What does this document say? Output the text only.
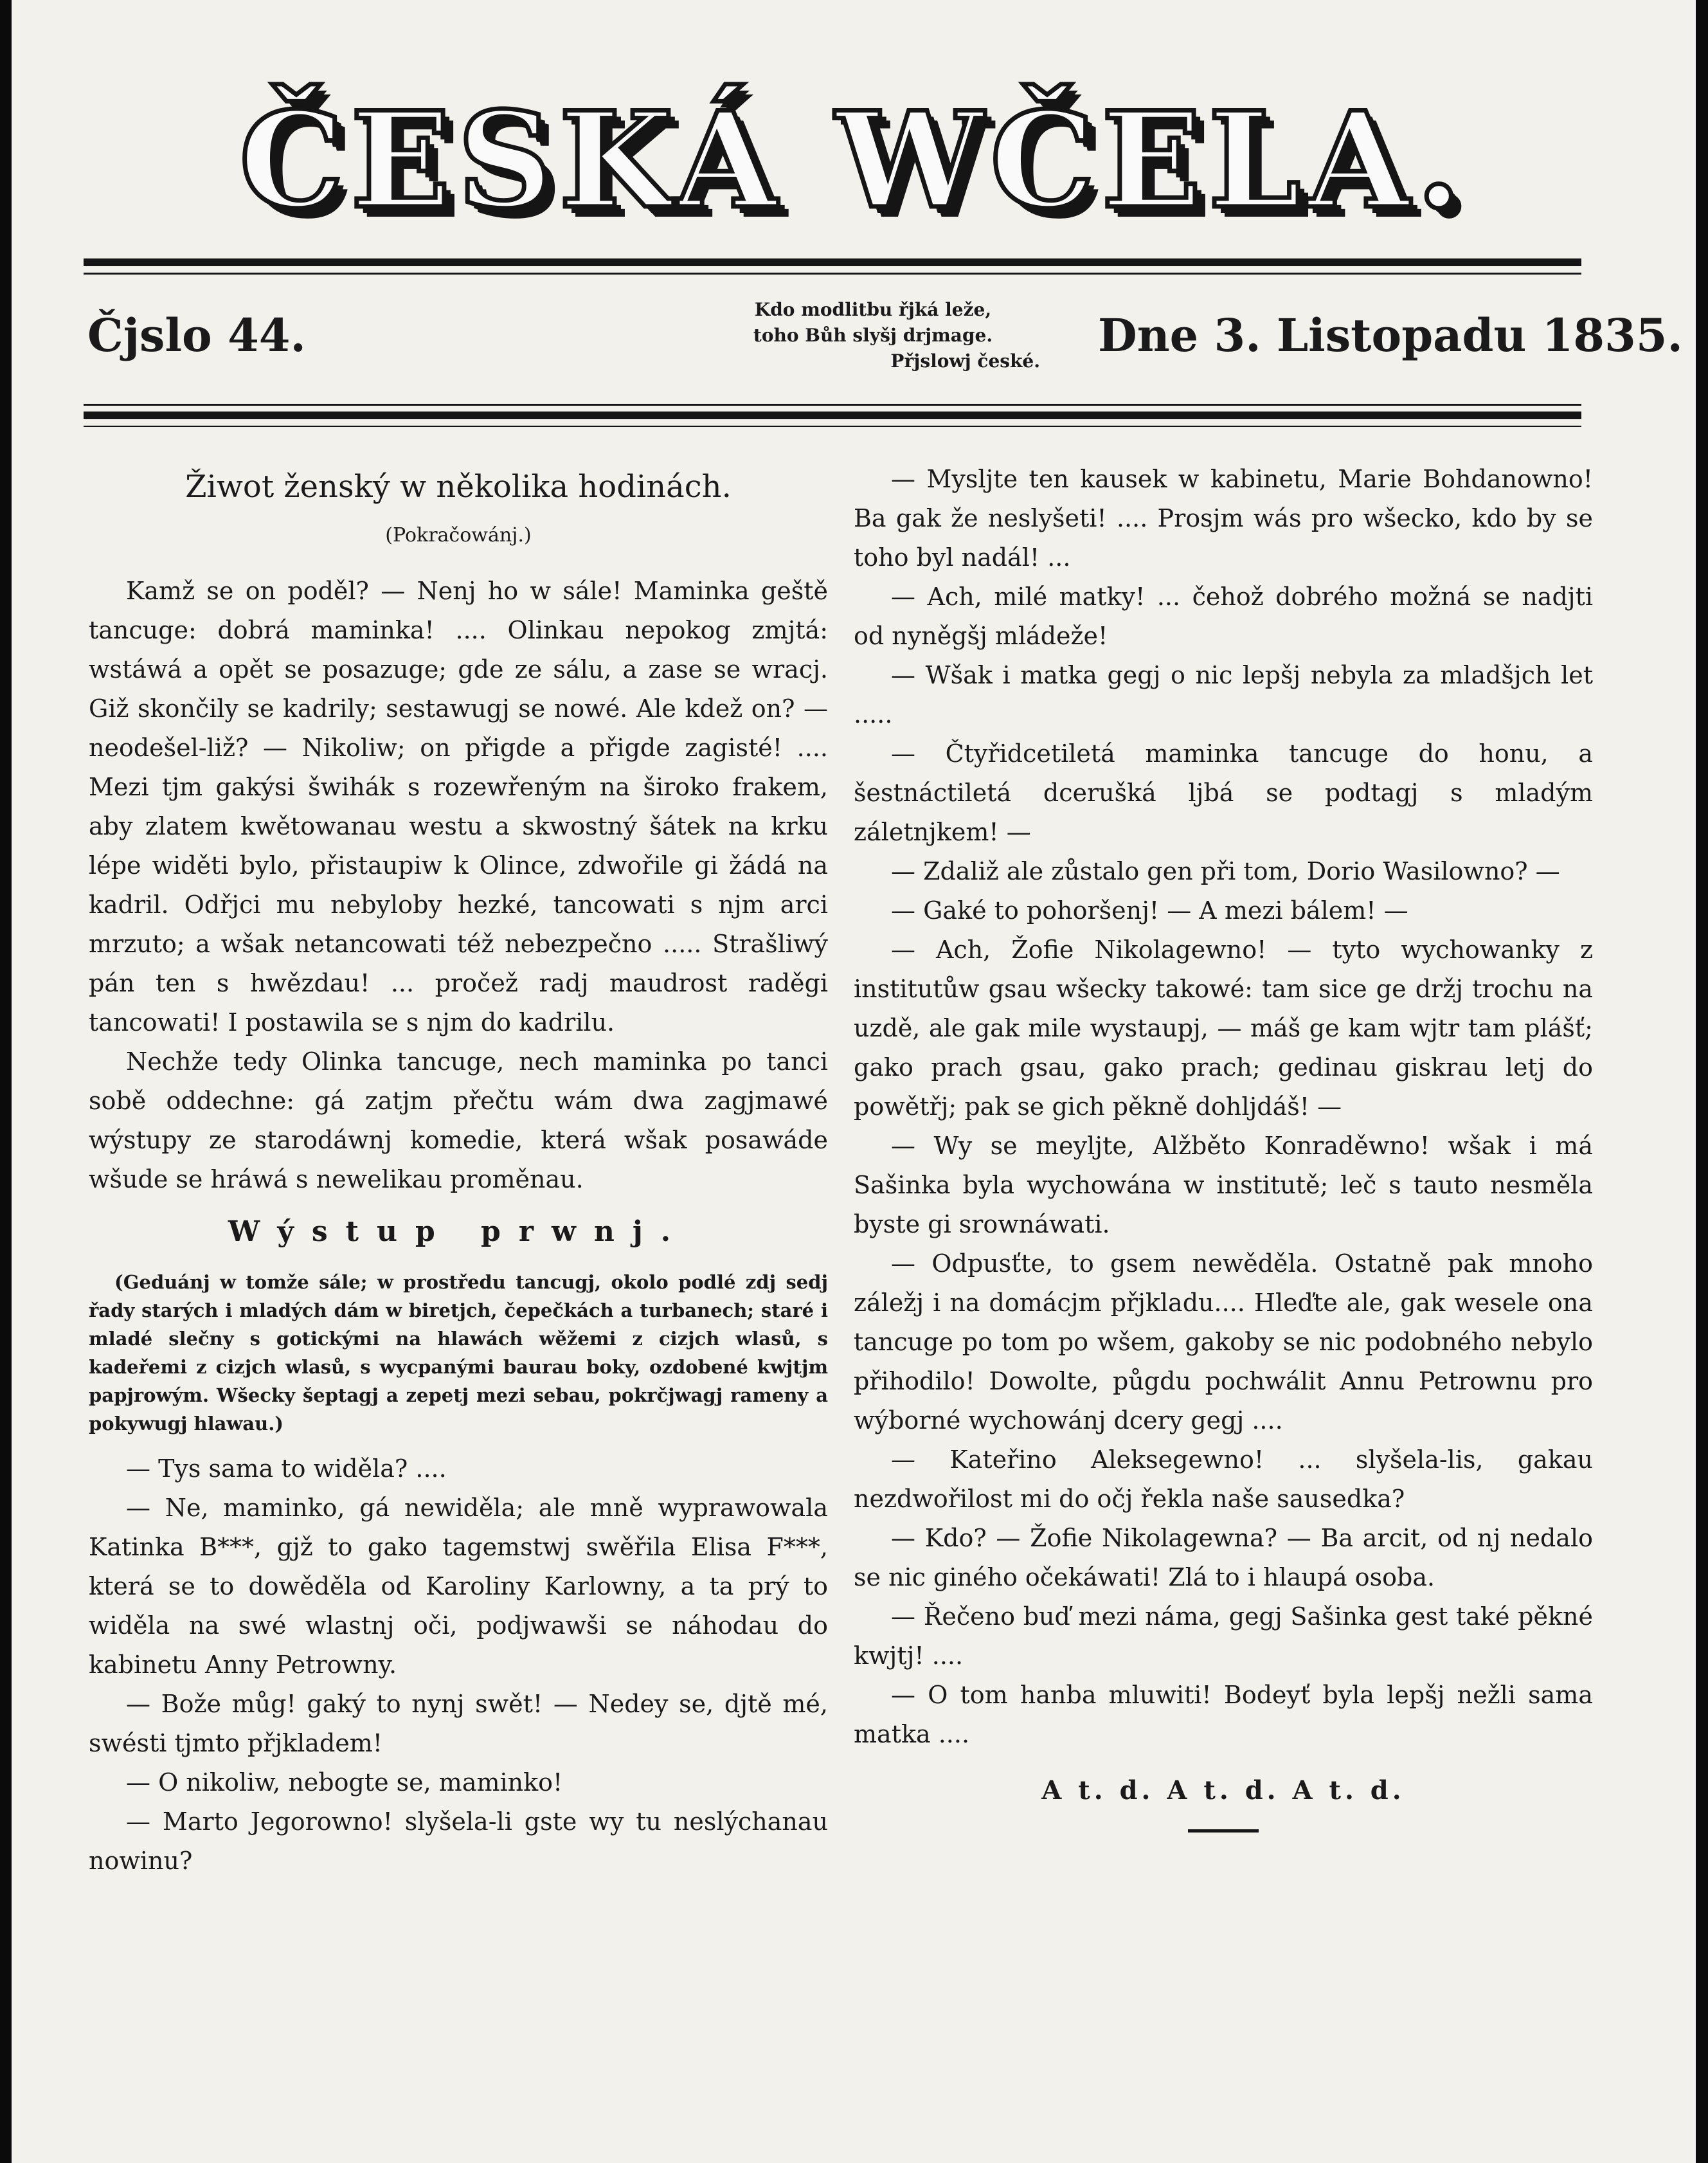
ČESKÁ WČELA.
Čjslo 44.	Kdo modlitbu řjká leže,
toho Bůh slyšj drjmage.
Přjslowj české. Dne 3. Listopadu 1835.
Žiwot ženský w několika hodinách.
(Pokračowánj.)

Kamž se on poděl? — Nenj ho w sále! Maminka geště tancuge: dobrá maminka! .... Olinkau nepokog zmjtá: wstáwá a opět se posazuge; gde ze sálu, a zase se wracj. Giž skončily se kadrily; sestawugj se nowé. Ale kdež on? — neodešel-liž? — Nikoliw; on přigde a přigde zagisté! .... Mezi tjm gakýsi šwihák s rozewřeným na široko frakem, aby zlatem kwětowanau westu a skwostný šátek na krku lépe widěti bylo, přistaupiw k Olince, zdwořile gi žádá na kadril. Odřjci mu nebyloby hezké, tancowati s njm arci mrzuto; a wšak netancowati též nebezpečno ..... Strašliwý pán ten s hwězdau! ... pročež radj maudrost raděgi tancowati! I postawila se s njm do kadrilu.

Nechže tedy Olinka tancuge, nech maminka po tanci sobě oddechne: gá zatjm přečtu wám dwa zagjmawé wýstupy ze starodáwnj komedie, která wšak posawáde wšude se hráwá s newelikau proměnau.

Wýstup prwnj.
(Geduánj w tomže sále; w prostředu tancugj, okolo podlé zdj sedj řady starých i mladých dám w biretjch, čepečkách a turbanech; staré i mladé slečny s gotickými na hlawách wěžemi z cizjch wlasů, s kadeřemi z cizjch wlasů, s wycpanými baurau boky, ozdobené kwjtjm papjrowým. Wšecky šeptagj a zepetj mezi sebau, pokrčjwagj rameny a pokywugj hlawau.)

— Tys sama to widěla? ....

— Ne, maminko, gá newiděla; ale mně wyprawowala Katinka B***, gjž to gako tagemstwj swěřila Elisa F***, která se to dowěděla od Karoliny Karlowny, a ta prý to widěla na swé wlastnj oči, podjwawši se náhodau do kabinetu Anny Petrowny.

— Bože můg! gaký to nynj swět! — Nedey se, djtě mé, swésti tjmto přjkladem!

— O nikoliw, nebogte se, maminko!

— Marto Jegorowno! slyšela-li gste wy tu neslýchanau nowinu?

— Mysljte ten kausek w kabinetu, Marie Bohdanowno! Ba gak že neslyšeti! .... Prosjm wás pro wšecko, kdo by se toho byl nadál! ...

— Ach, milé matky! ... čehož dobrého možná se nadjti od nyněgšj mládeže!

— Wšak i matka gegj o nic lepšj nebyla za mladšjch let .....

— Čtyřidcetiletá maminka tancuge do honu, a šestnáctiletá dcerušká ljbá se podtagj s mladým záletnjkem! —

— Zdaliž ale zůstalo gen při tom, Dorio Wasilowno? —

— Gaké to pohoršenj! — A mezi bálem! —

— Ach, Žofie Nikolagewno! — tyto wychowanky z institutůw gsau wšecky takowé: tam sice ge držj trochu na uzdě, ale gak mile wystaupj, — máš ge kam wjtr tam plášť; gako prach gsau, gako prach; gedinau giskrau letj do powětřj; pak se gich pěkně dohljdáš! —

— Wy se meyljte, Alžběto Konraděwno! wšak i má Sašinka byla wychowána w institutě; leč s tauto nesměla byste gi srownáwati.

— Odpusťte, to gsem newěděla. Ostatně pak mnoho záležj i na domácjm přjkladu.... Hleďte ale, gak wesele ona tancuge po tom po wšem, gakoby se nic podobného nebylo přihodilo! Dowolte, půgdu pochwálit Annu Petrownu pro wýborné wychowánj dcery gegj ....

— Kateřino Aleksegewno! ... slyšela-lis, gakau nezdwořilost mi do očj řekla naše sausedka?

— Kdo? — Žofie Nikolagewna? — Ba arcit, od nj nedalo se nic giného očekáwati! Zlá to i hlaupá osoba.

— Řečeno buď mezi náma, gegj Sašinka gest také pěkné kwjtj! ....

— O tom hanba mluwiti! Bodeyť byla lepšj nežli sama matka ....

A t. d. A t. d. A t. d.
